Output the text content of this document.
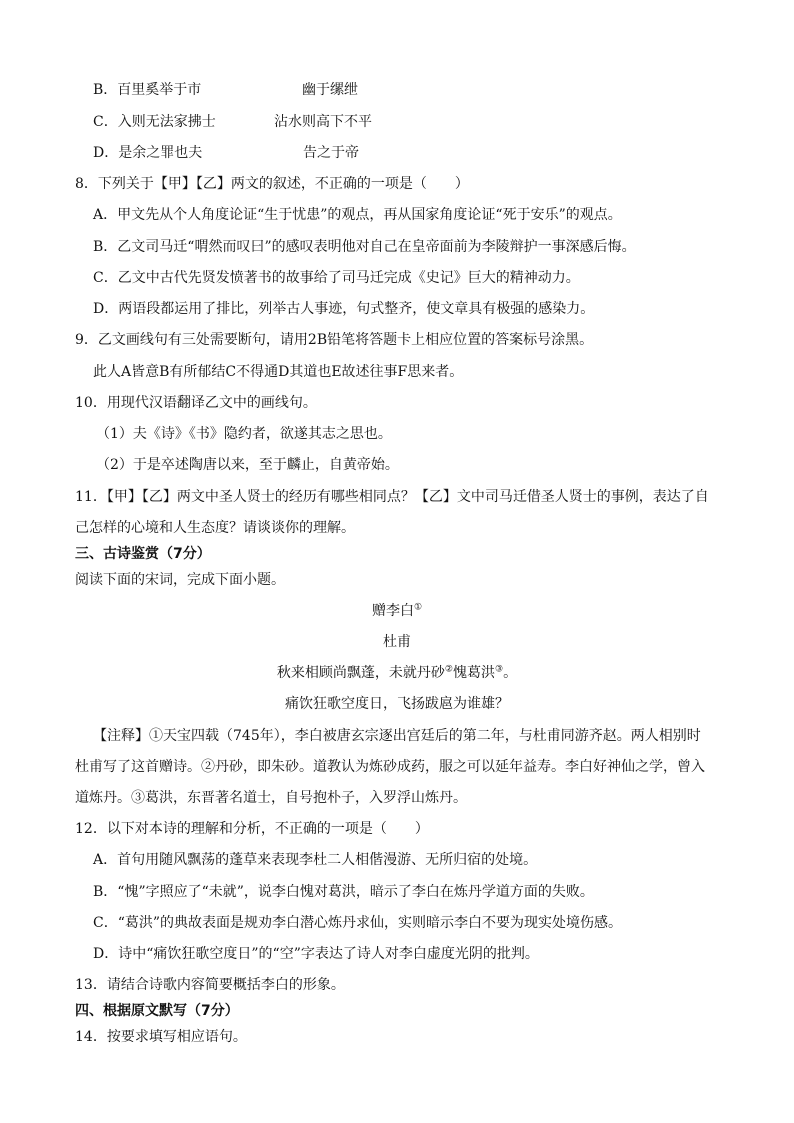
B．百里奚举于市	幽于缧绁
C．入则无法家拂士	沾水则高下不平
D．是余之罪也夫	告之于帝
8．下列关于【甲】【乙】两文的叙述，不正确的一项是（　　）
A．甲文先从个人角度论证“生于忧患”的观点，再从国家角度论证“死于安乐”的观点。
B．乙文司马迁“喟然而叹曰”的感叹表明他对自己在皇帝面前为李陵辩护一事深感后悔。
C．乙文中古代先贤发愤著书的故事给了司马迁完成《史记》巨大的精神动力。
D．两语段都运用了排比，列举古人事迹，句式整齐，使文章具有极强的感染力。
9．乙文画线句有三处需要断句，请用2B铅笔将答题卡上相应位置的答案标号涂黑。
此人A皆意B有所郁结C不得通D其道也E故述往事F思来者。
10．用现代汉语翻译乙文中的画线句。
（1）夫《诗》《书》隐约者，欲遂其志之思也。
（2）于是卒述陶唐以来，至于麟止，自黄帝始。
11．【甲】【乙】两文中圣人贤士的经历有哪些相同点？【乙】文中司马迁借圣人贤士的事例，表达了自
己怎样的心境和人生态度？请谈谈你的理解。
三、古诗鉴赏（7分）
阅读下面的宋词，完成下面小题。
赠李白①
杜甫
秋来相顾尚飘蓬，未就丹砂②愧葛洪③。
痛饮狂歌空度日，飞扬跋扈为谁雄？
【注释】①天宝四载（745年），李白被唐玄宗逐出宫廷后的第二年，与杜甫同游齐赵。两人相别时
杜甫写了这首赠诗。②丹砂，即朱砂。道教认为炼砂成药，服之可以延年益寿。李白好神仙之学，曾入
道炼丹。③葛洪，东晋著名道士，自号抱朴子，入罗浮山炼丹。
12．以下对本诗的理解和分析，不正确的一项是（　　）
A．首句用随风飘荡的蓬草来表现李杜二人相偕漫游、无所归宿的处境。
B．“愧”字照应了“未就”，说李白愧对葛洪，暗示了李白在炼丹学道方面的失败。
C．“葛洪”的典故表面是规劝李白潜心炼丹求仙，实则暗示李白不要为现实处境伤感。
D．诗中“痛饮狂歌空度日”的“空”字表达了诗人对李白虚度光阴的批判。
13．请结合诗歌内容简要概括李白的形象。
四、根据原文默写（7分）
14．按要求填写相应语句。
